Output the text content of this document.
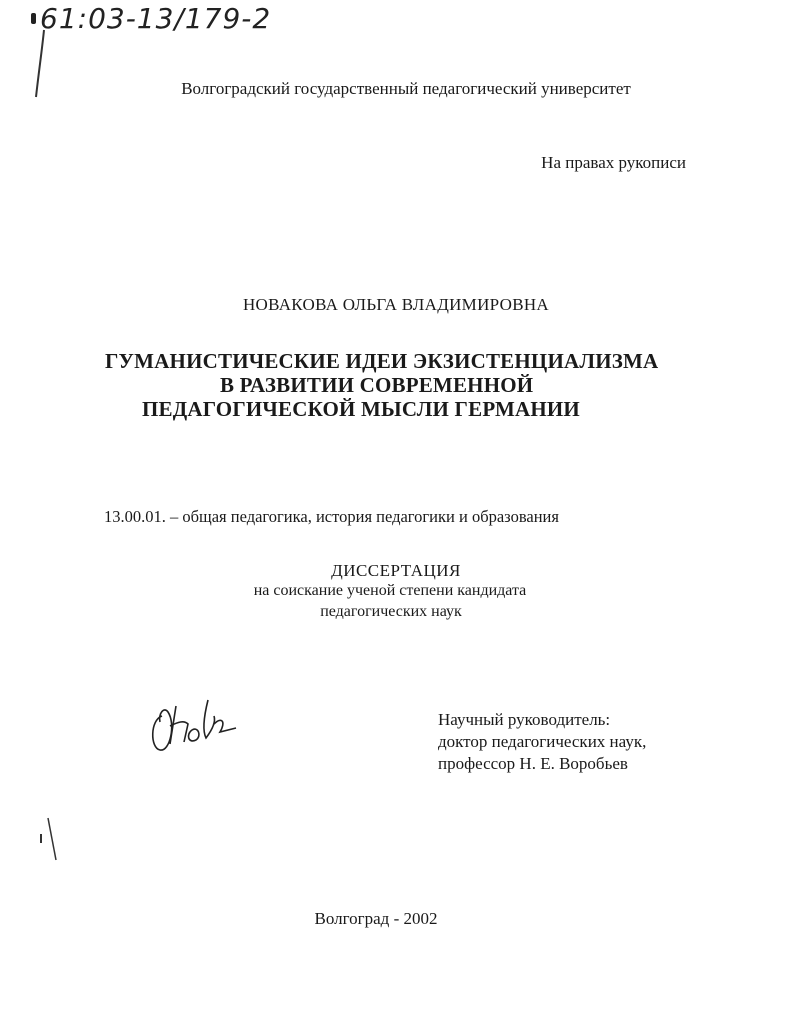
61:03-13/179-2
Волгоградский государственный педагогический университет
На правах рукописи
НОВАКОВА ОЛЬГА ВЛАДИМИРОВНА
ГУМАНИСТИЧЕСКИЕ ИДЕИ ЭКЗИСТЕНЦИАЛИЗМА
В РАЗВИТИИ СОВРЕМЕННОЙ
ПЕДАГОГИЧЕСКОЙ МЫСЛИ ГЕРМАНИИ
13.00.01. – общая педагогика, история педагогики и образования
ДИССЕРТАЦИЯ
на соискание ученой степени кандидата
педагогических наук
Научный руководитель:
доктор педагогических наук,
профессор Н. Е. Воробьев
Волгоград - 2002
